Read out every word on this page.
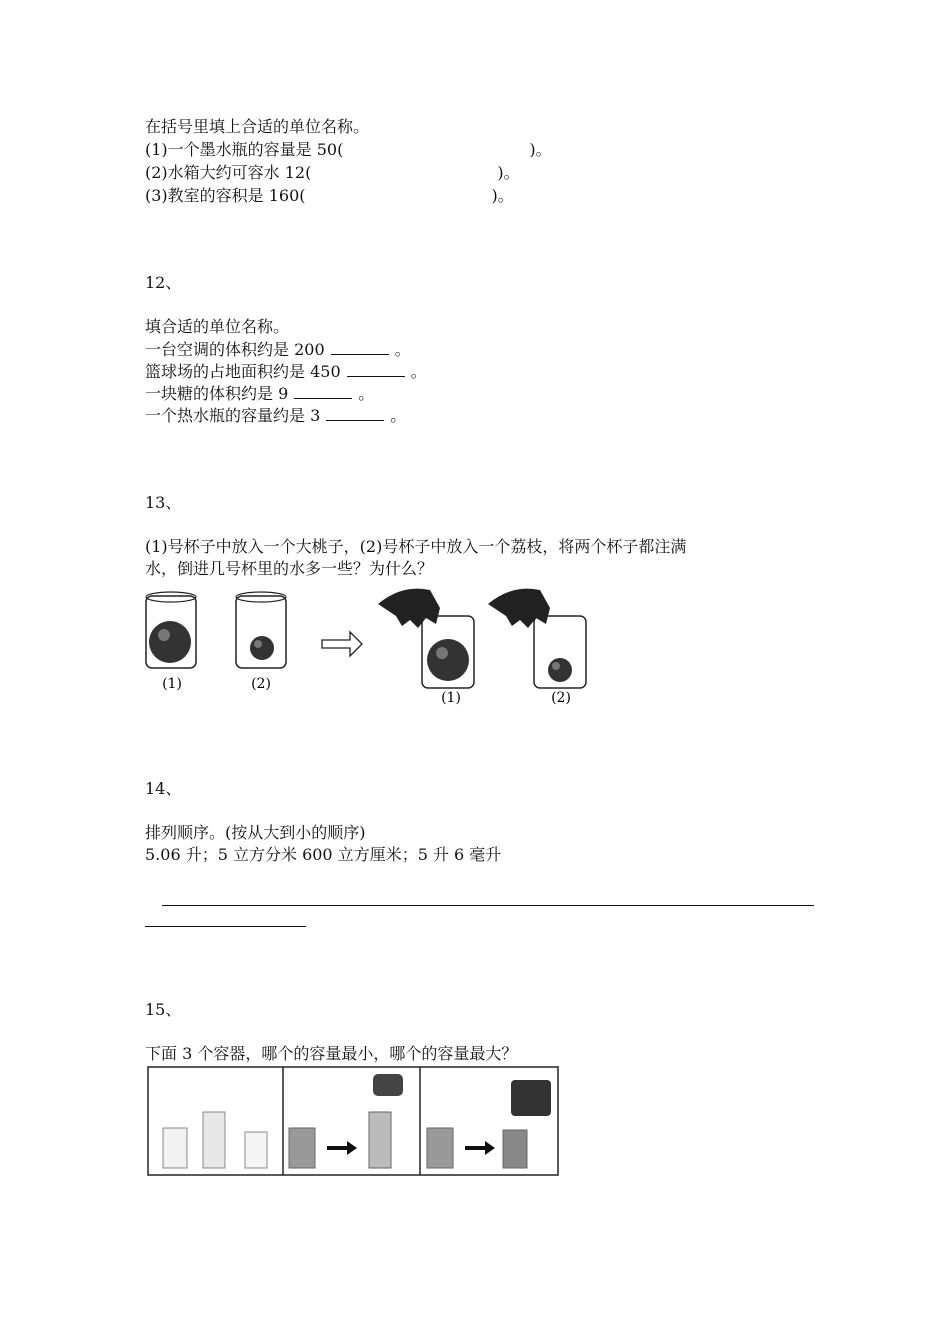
在括号里填上合适的单位名称。
(1)一个墨水瓶的容量是 50(	)。
(2)水箱大约可容水 12(	)。
(3)教室的容积是 160(	)。
12、
填合适的单位名称。
一台空调的体积约是 200	。
篮球场的占地面积约是 450	。
一块糖的体积约是 9	。
一个热水瓶的容量约是 3	。
13、
(1)号杯子中放入一个大桃子，(2)号杯子中放入一个荔枝，将两个杯子都注满
水，倒进几号杯里的水多一些？为什么？
(1)	(2)
(1)	(2)
14、
排列顺序。(按从大到小的顺序)
5.06 升；5 立方分米 600 立方厘米；5 升 6 毫升
15、
下面 3 个容器，哪个的容量最小，哪个的容量最大？
